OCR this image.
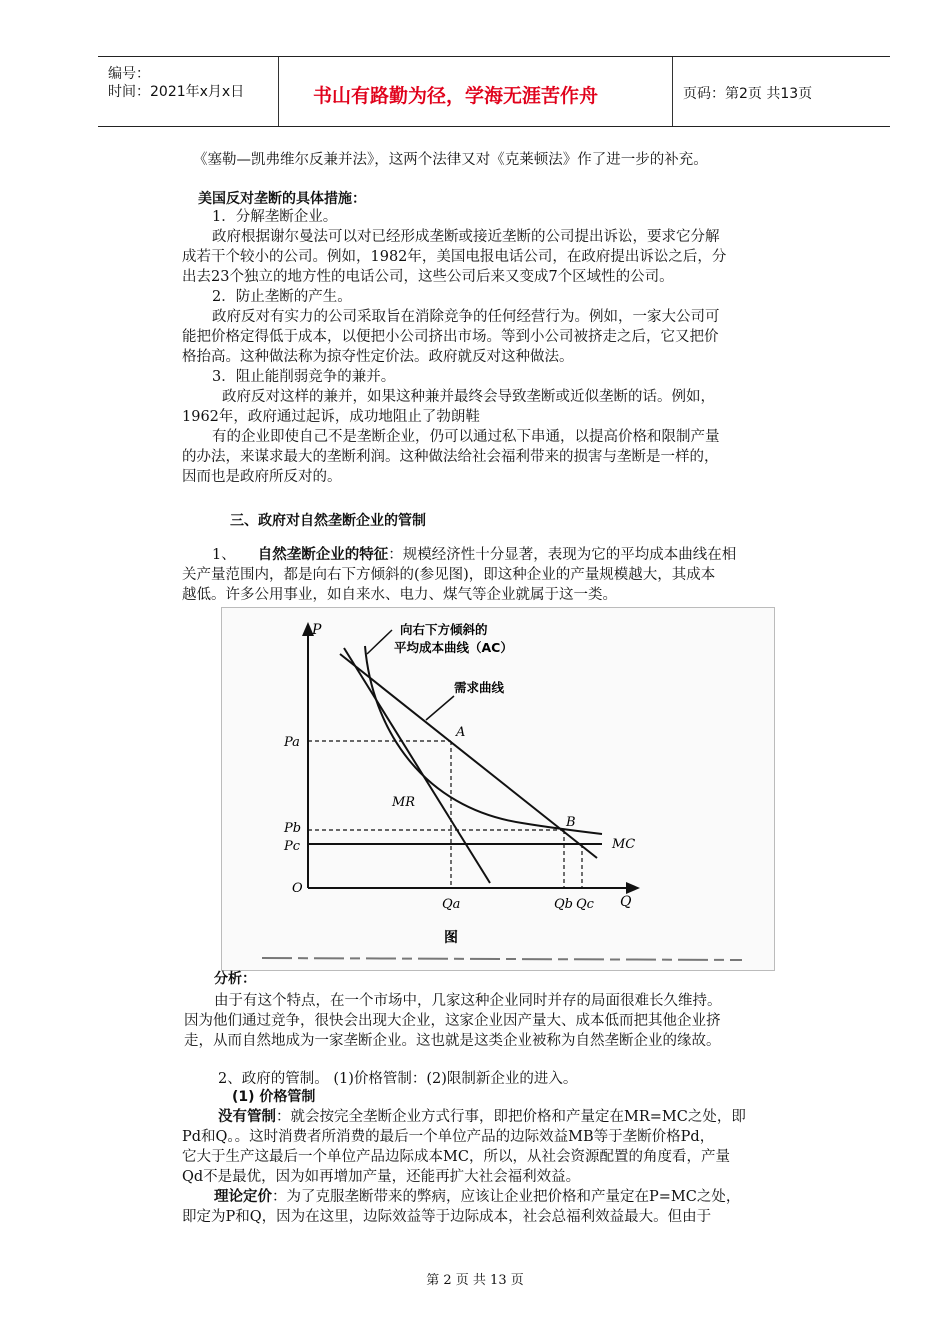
编号：
时间：2021年x月x日	书山有路勤为径，学海无涯苦作舟	页码：第2页 共13页
《塞勒—凯弗维尔反兼并法》，这两个法律又对《克莱顿法》作了进一步的补充。
美国反对垄断的具体措施：
1．分解垄断企业。
政府根据谢尔曼法可以对已经形成垄断或接近垄断的公司提出诉讼，要求它分解
成若干个较小的公司。例如，1982年，美国电报电话公司，在政府提出诉讼之后，分
出去23个独立的地方性的电话公司，这些公司后来又变成7个区域性的公司。
2．防止垄断的产生。
政府反对有实力的公司采取旨在消除竞争的任何经营行为。例如，一家大公司可
能把价格定得低于成本，以便把小公司挤出市场。等到小公司被挤走之后，它又把价
格抬高。这种做法称为掠夺性定价法。政府就反对这种做法。
3．阻止能削弱竞争的兼并。
政府反对这样的兼并，如果这种兼并最终会导致垄断或近似垄断的话。例如，
1962年，政府通过起诉，成功地阻止了勃朗鞋
有的企业即使自己不是垄断企业，仍可以通过私下串通，以提高价格和限制产量
的办法，来谋求最大的垄断利润。这种做法给社会福利带来的损害与垄断是一样的，
因而也是政府所反对的。
三、政府对自然垄断企业的管制
1、 自然垄断企业的特征：规模经济性十分显著，表现为它的平均成本曲线在相
关产量范围内，都是向右下方倾斜的(参见图)，即这种企业的产量规模越大，其成本
越低。许多公用事业，如自来水、电力、煤气等企业就属于这一类。
P
Q
O
向右下方倾斜的
平均成本曲线（AC）
需求曲线
MR
MC
A
B
Pa
Pb
Pc
Qa	Qb Qc
图
分析：
由于有这个特点，在一个市场中，几家这种企业同时并存的局面很难长久维持。
因为他们通过竞争，很快会出现大企业，这家企业因产量大、成本低而把其他企业挤
走，从而自然地成为一家垄断企业。这也就是这类企业被称为自然垄断企业的缘故。
2、政府的管制。 (1)价格管制：(2)限制新企业的进入。
(1) 价格管制
没有管制：就会按完全垄断企业方式行事，即把价格和产量定在MR=MC之处，即
Pd和Q。。这时消费者所消费的最后一个单位产品的边际效益MB等于垄断价格Pd，
它大于生产这最后一个单位产品边际成本MC，所以，从社会资源配置的角度看，产量
Qd不是最优，因为如再增加产量，还能再扩大社会福利效益。
理论定价：为了克服垄断带来的弊病，应该让企业把价格和产量定在P=MC之处，
即定为P和Q，因为在这里，边际效益等于边际成本，社会总福利效益最大。但由于
第 2 页 共 13 页
